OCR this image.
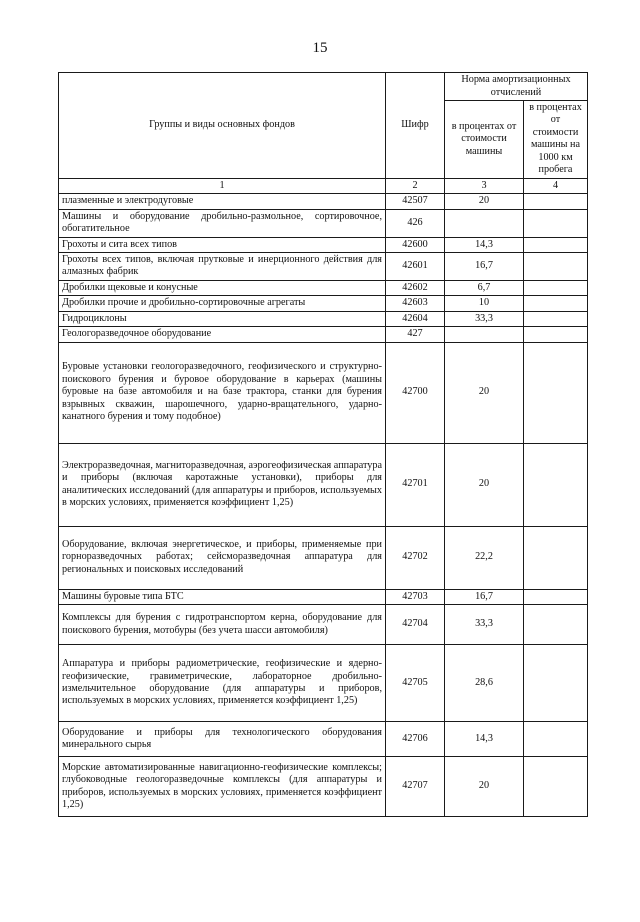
15
Группы и виды основных фондов	Шифр	Норма амортизационных отчислений	
		в процентах от стоимости машины	в процентах от стоимости машины на 1000 км пробега
1	2	3	4
плазменные и электродуговые	42507	20	
Машины и оборудование дробильно-размольное, сортировочное, обогатительное	426		
Грохоты и сита всех типов	42600	14,3	
Грохоты всех типов, включая прутковые и инерционного действия для алмазных фабрик	42601	16,7	
Дробилки щековые и конусные	42602	6,7	
Дробилки прочие и дробильно-сортировочные агрегаты	42603	10	
Гидроциклоны	42604	33,3	
Геологоразведочное оборудование	427		
Буровые установки геологоразведочного, геофизического и структурно-поискового бурения и буровое оборудование в карьерах (машины буровые на базе автомобиля и на базе трактора, станки для бурения взрывных скважин, шарошечного, ударно-вращательного, ударно-канатного бурения и тому подобное)	42700	20	
Электроразведочная, магниторазведочная, аэрогеофизическая аппаратура и приборы (включая каротажные установки), приборы для аналитических исследований (для аппаратуры и приборов, используемых в морских условиях, применяется коэффициент 1,25)	42701	20	
Оборудование, включая энергетическое, и приборы, применяемые при горноразведочных работах; сейсморазведочная аппаратура для региональных и поисковых исследований	42702	22,2	
Машины буровые типа БТС	42703	16,7	
Комплексы для бурения с гидротранспортом керна, оборудование для поискового бурения, мотобуры (без учета шасси автомобиля)	42704	33,3	
Аппаратура и приборы радиометрические, геофизические и ядерно-геофизические, гравиметрические, лабораторное дробильно-измельчительное оборудование (для аппаратуры и приборов, используемых в морских условиях, применяется коэффициент 1,25)	42705	28,6	
Оборудование и приборы для технологического оборудования минерального сырья	42706	14,3	
Морские автоматизированные навигационно-геофизические комплексы; глубоководные геологоразведочные комплексы (для аппаратуры и приборов, используемых в морских условиях, применяется коэффициент 1,25)	42707	20	
